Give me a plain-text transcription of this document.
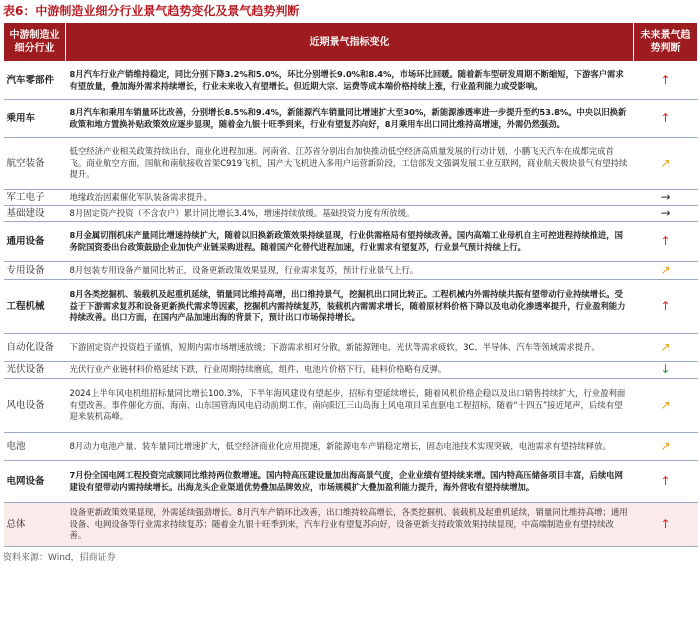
表6：中游制造业细分行业景气趋势变化及景气趋势判断
中游制造业细分行业	近期景气指标变化	未来景气趋势判断
汽车零部件	8月汽车行业产销维持稳定，同比分别下降3.2%和5.0%，环比分别增长9.0%和8.4%，市场环比回暖。随着新车型研发周期不断缩短，下游客户需求有望放量，叠加海外需求持续增长，行业未来收入有望增长。但近期大宗、运费等成本端价格持续上涨，行业盈利能力或受影响。	↑
乘用车	8月汽车和乘用车销量环比改善，分别增长8.5%和9.4%，新能源汽车销量同比增速扩大至30%，新能源渗透率进一步提升至约53.8%。中央以旧换新政策和地方置换补贴政策效应逐步显现，随着金九银十旺季到来，行业有望复苏向好，8月乘用车出口同比维持高增速，外需仍然强劲。	↑
航空装备	低空经济产业相关政策持续出台，商业化进程加速。河南省、江苏省分别出台加快推动低空经济高质量发展的行动计划，小鹏飞天汽车在成都完成首飞。商业航空方面，国航和南航接收首架C919飞机，国产大飞机进入多用户运营新阶段，工信部发文强调发展工业互联网，商业航天极块景气有望持续提升。	↗
军工电子	地缘政治因素催化军队装备需求提升。	→
基础建设	8月固定资产投资（不含农户）累计同比增长3.4%，增速持续放缓。基础投资力度有所放缓。	→
通用设备	8月金属切削机床产量同比增速持续扩大，随着以旧换新政策效果持续显现，行业供需格局有望持续改善。国内高端工业母机自主可控进程持续推进，国务院国资委出台政策鼓励企业加快产业链采购进程。随着国产化替代进程加速，行业需求有望复苏，行业景气预计持续上行。	↑
专用设备	8月包装专用设备产量同比转正，设备更新政策效果显现，行业需求复苏，预计行业景气上行。	↗
工程机械	8月各类挖掘机、装载机及起重机延续，销量同比维持高增，出口维持景气，挖掘机出口同比转正。工程机械内外需持续共振有望带动行业持续增长。受益于下游需求复苏和设备更新换代需求等因素，挖掘机内需持续复苏，装载机内需需求增长，随着原材料价格下降以及电动化渗透率提升，行业盈利能力持续改善。出口方面，在国内产品加速出海的背景下，预计出口市场保持增长。	↑
自动化设备	下游固定资产投资趋于谨慎，短期内需市场增速放缓；下游需求相对分散，新能源锂电、光伏等需求疲软，3C、半导体、汽车等领域需求提升。	↗
光伏设备	光伏行业产业链材料价格延续下跌，行业周期持续磨底，组件、电池片价格下行，硅料价格略有反弹。	↓
风电设备	2024上半年风电机组招标量同比增长100.3%，下半年海风建设有望起步，招标有望延续增长，随着风机价格企稳以及出口销售持续扩大，行业盈利面有望改善。事件催化方面，海南、山东国管海风电启动前期工作，南向阳江三山岛海上风电项目采直驱电工程招标，随着“十四五”接近尾声，后续有望迎来装机高峰。	↗
电池	8月动力电池产量、装车量同比增速扩大，低空经济商业化应用提速，新能源电车产销稳定增长，固态电池技术实现突破，电池需求有望持续释放。	↗
电网设备	7月份全国电网工程投资完成额同比维持两位数增速。国内特高压建设量加出海高景气度，企业业绩有望持续来增。国内特高压储备项目丰富，后续电网建设有望带动内需持续增长。出海龙头企业渠道优势叠加品牌效应，市场规模扩大叠加盈利能力提升，海外营收有望持续增加。	↑
总体	设备更新政策效果显现，外需延续强劲增长。8月汽车产销环比改善，出口维持较高增长，各类挖掘机、装载机及起重机延续，销量同比维持高增；通用设备、电网设备等行业需求持续复苏；随着金九银十旺季到来，汽车行业有望复苏向好，设备更新支持政策效果持续显现，中高端制造业有望持续改善。	↑
资料来源：Wind，招商证券
